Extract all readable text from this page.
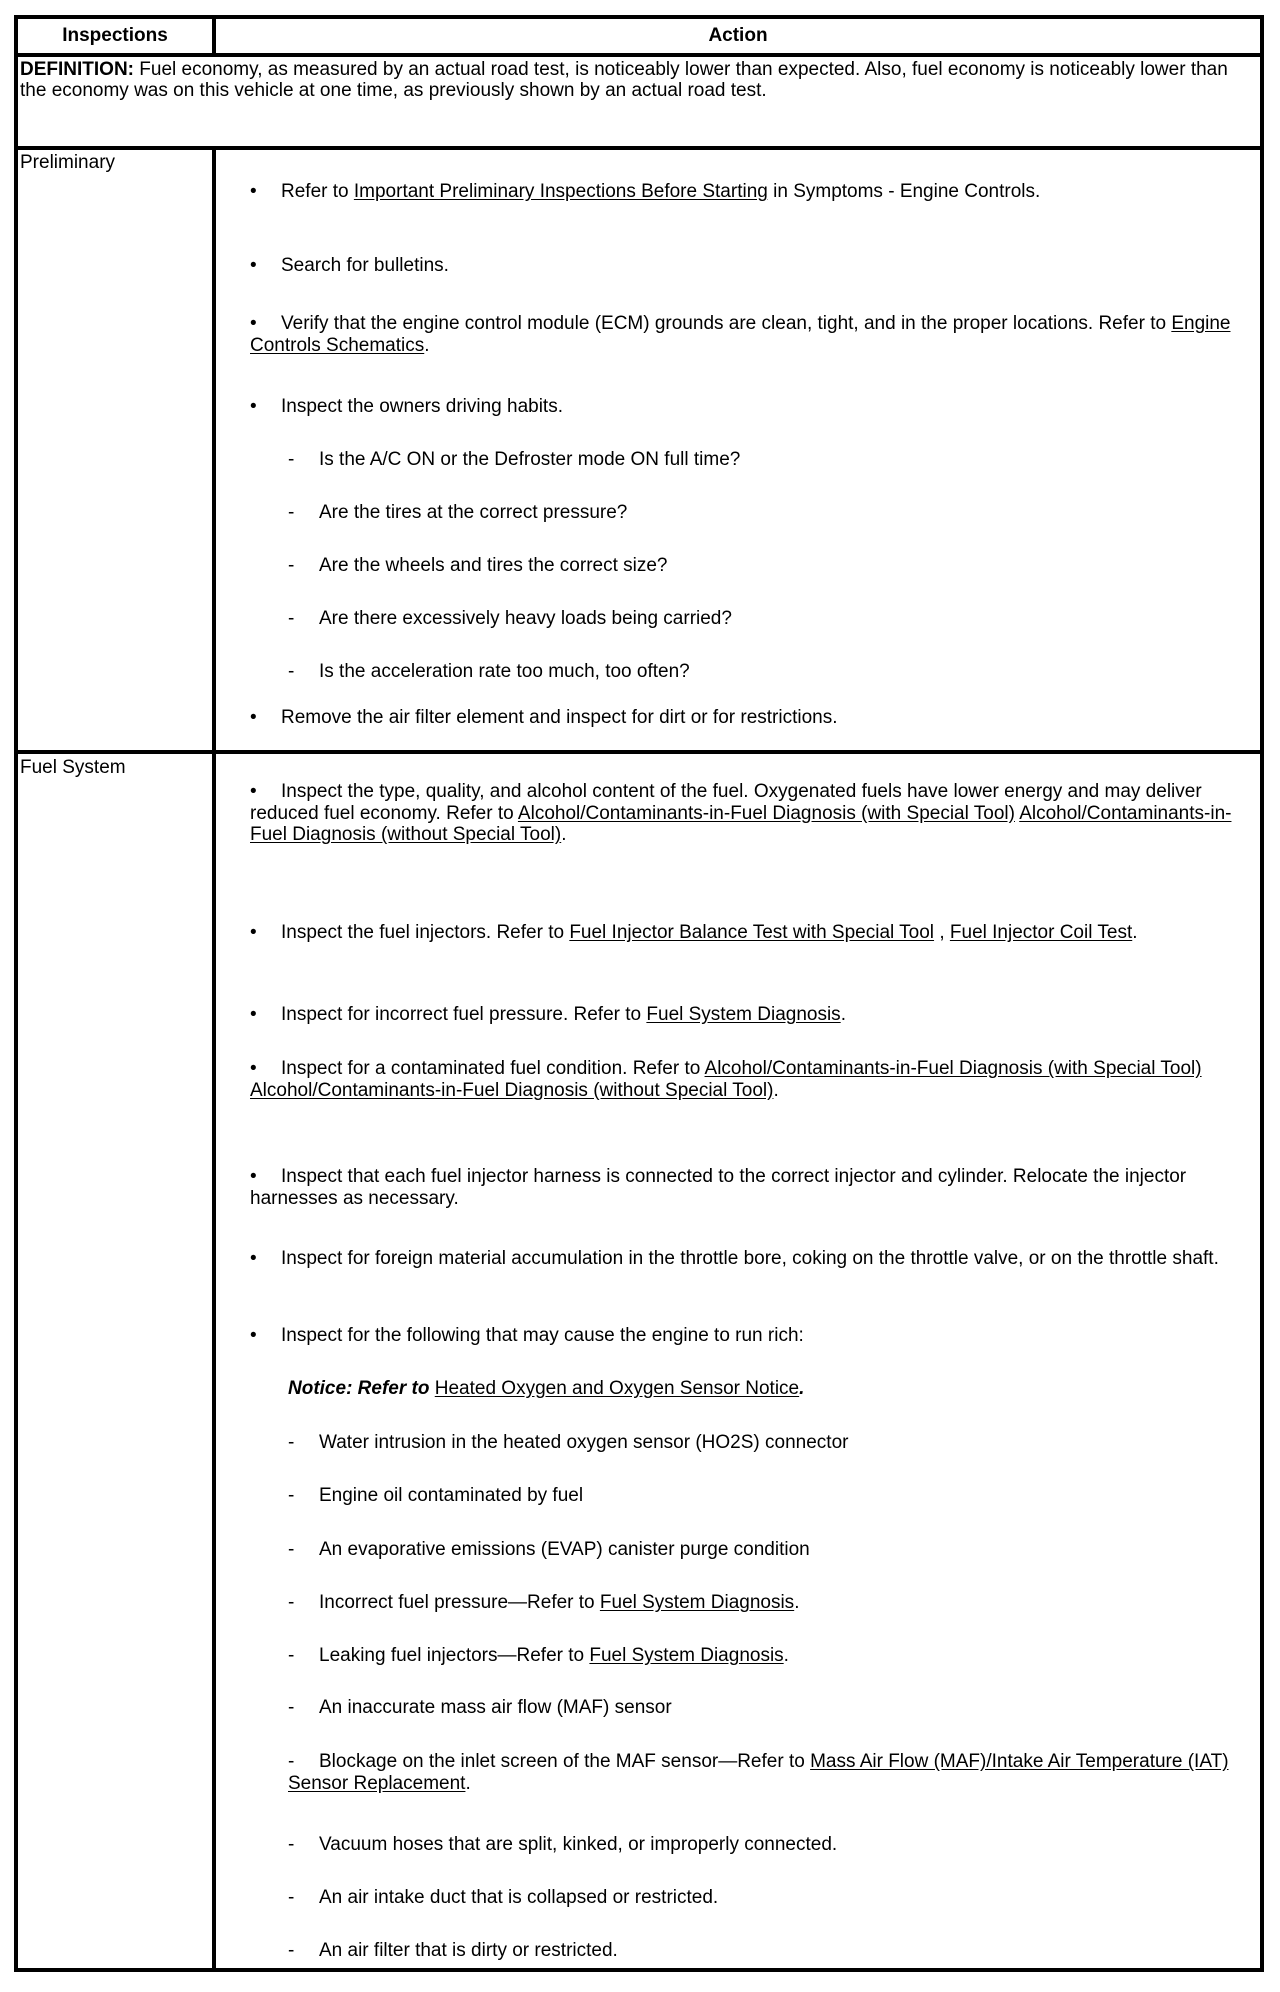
Inspections	Action
DEFINITION: Fuel economy, as measured by an actual road test, is noticeably lower than expected. Also, fuel economy is noticeably lower than the economy was on this vehicle at one time, as previously shown by an actual road test.
Preliminary
• Refer to Important Preliminary Inspections Before Starting in Symptoms - Engine Controls.
• Search for bulletins.
• Verify that the engine control module (ECM) grounds are clean, tight, and in the proper locations. Refer to Engine Controls Schematics.
• Inspect the owners driving habits.
- Is the A/C ON or the Defroster mode ON full time?
- Are the tires at the correct pressure?
- Are the wheels and tires the correct size?
- Are there excessively heavy loads being carried?
- Is the acceleration rate too much, too often?
• Remove the air filter element and inspect for dirt or for restrictions.
Fuel System
• Inspect the type, quality, and alcohol content of the fuel. Oxygenated fuels have lower energy and may deliver reduced fuel economy. Refer to Alcohol/Contaminants-in-Fuel Diagnosis (with Special Tool) Alcohol/Contaminants-in-Fuel Diagnosis (without Special Tool).
• Inspect the fuel injectors. Refer to Fuel Injector Balance Test with Special Tool , Fuel Injector Coil Test.
• Inspect for incorrect fuel pressure. Refer to Fuel System Diagnosis.
• Inspect for a contaminated fuel condition. Refer to Alcohol/Contaminants-in-Fuel Diagnosis (with Special Tool) Alcohol/Contaminants-in-Fuel Diagnosis (without Special Tool).
• Inspect that each fuel injector harness is connected to the correct injector and cylinder. Relocate the injector harnesses as necessary.
• Inspect for foreign material accumulation in the throttle bore, coking on the throttle valve, or on the throttle shaft.
• Inspect for the following that may cause the engine to run rich:
Notice: Refer to Heated Oxygen and Oxygen Sensor Notice.
- Water intrusion in the heated oxygen sensor (HO2S) connector
- Engine oil contaminated by fuel
- An evaporative emissions (EVAP) canister purge condition
- Incorrect fuel pressure—Refer to Fuel System Diagnosis.
- Leaking fuel injectors—Refer to Fuel System Diagnosis.
- An inaccurate mass air flow (MAF) sensor
- Blockage on the inlet screen of the MAF sensor—Refer to Mass Air Flow (MAF)/Intake Air Temperature (IAT) Sensor Replacement.
- Vacuum hoses that are split, kinked, or improperly connected.
- An air intake duct that is collapsed or restricted.
- An air filter that is dirty or restricted.
